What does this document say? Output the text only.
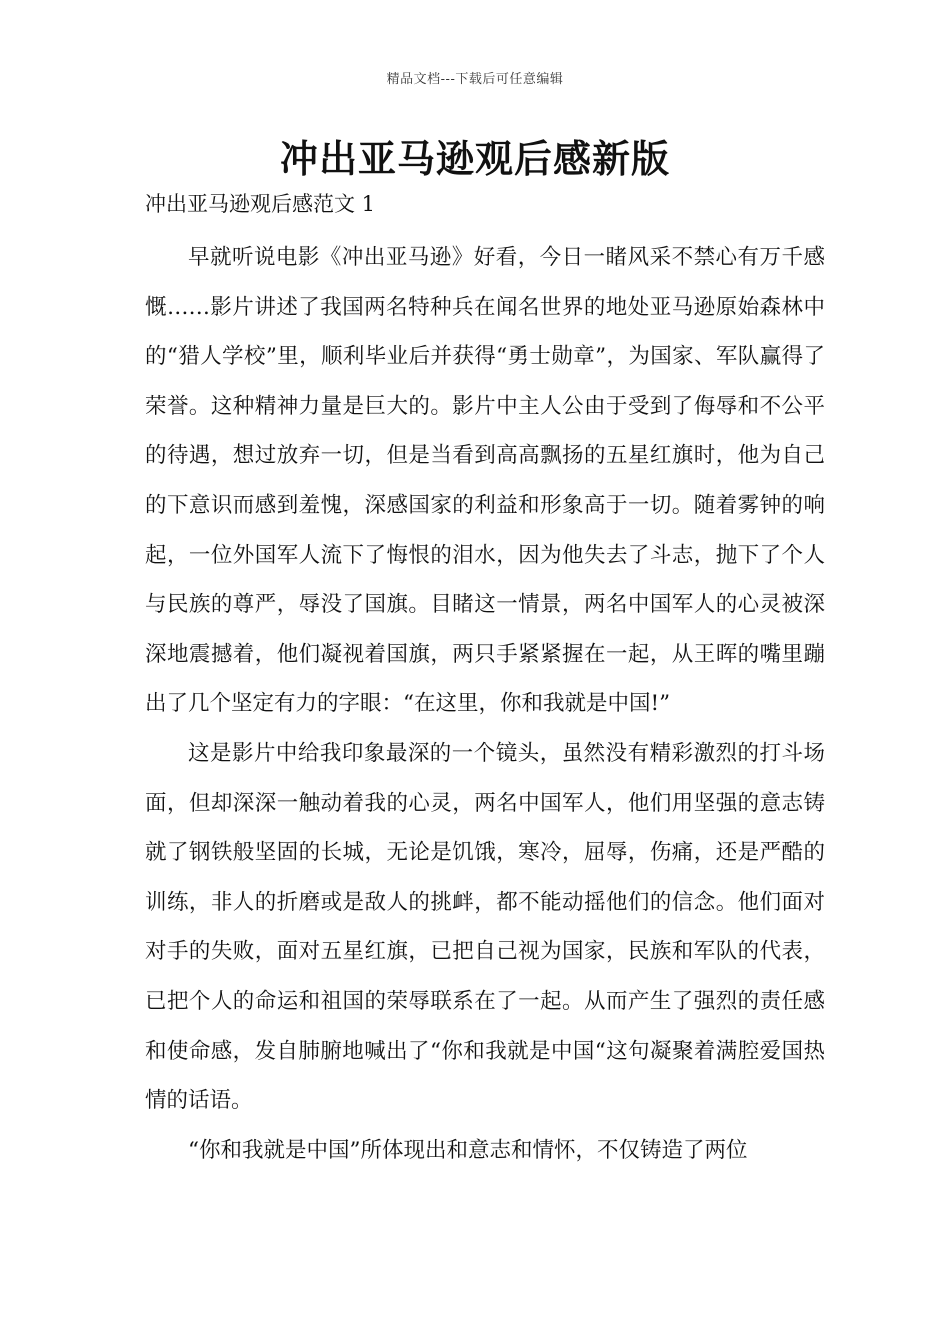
精品文档---下载后可任意编辑
冲出亚马逊观后感新版
冲出亚马逊观后感范文 1

早就听说电影《冲出亚马逊》好看，今日一睹风采不禁心有万千感慨……影片讲述了我国两名特种兵在闻名世界的地处亚马逊原始森林中的“猎人学校”里，顺利毕业后并获得“勇士勋章”，为国家、军队赢得了荣誉。这种精神力量是巨大的。影片中主人公由于受到了侮辱和不公平的待遇，想过放弃一切，但是当看到高高飘扬的五星红旗时，他为自己的下意识而感到羞愧，深感国家的利益和形象高于一切。随着雾钟的响起，一位外国军人流下了悔恨的泪水，因为他失去了斗志，抛下了个人与民族的尊严，辱没了国旗。目睹这一情景，两名中国军人的心灵被深深地震撼着，他们凝视着国旗，两只手紧紧握在一起，从王晖的嘴里蹦出了几个坚定有力的字眼：“在这里，你和我就是中国!”

这是影片中给我印象最深的一个镜头，虽然没有精彩激烈的打斗场面，但却深深一触动着我的心灵，两名中国军人，他们用坚强的意志铸就了钢铁般坚固的长城，无论是饥饿，寒冷，屈辱，伤痛，还是严酷的训练，非人的折磨或是敌人的挑衅，都不能动摇他们的信念。他们面对对手的失败，面对五星红旗，已把自己视为国家，民族和军队的代表，已把个人的命运和祖国的荣辱联系在了一起。从而产生了强烈的责任感和使命感，发自肺腑地喊出了“你和我就是中国“这句凝聚着满腔爱国热情的话语。

“你和我就是中国”所体现出和意志和情怀，不仅铸造了两位
